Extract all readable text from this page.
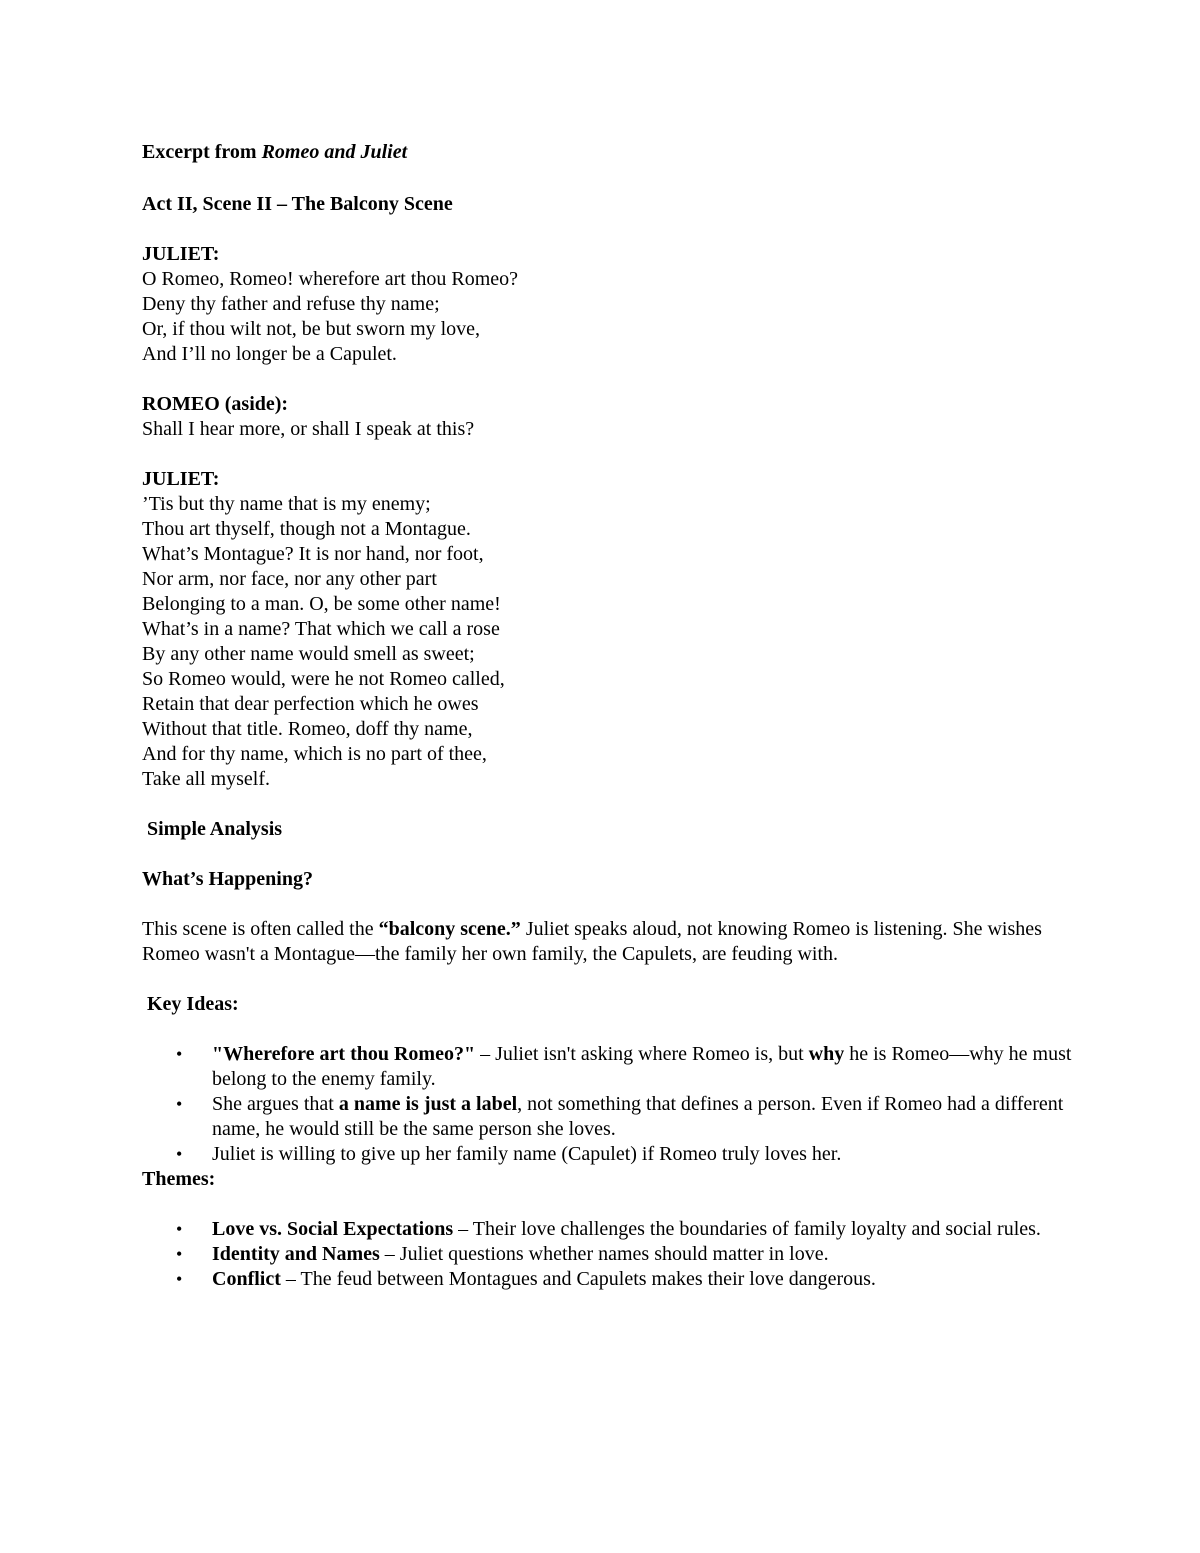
Excerpt from Romeo and Juliet
Act II, Scene II – The Balcony Scene
JULIET:
O Romeo, Romeo! wherefore art thou Romeo?
Deny thy father and refuse thy name;
Or, if thou wilt not, be but sworn my love,
And I’ll no longer be a Capulet.
ROMEO (aside):
Shall I hear more, or shall I speak at this?
JULIET:
’Tis but thy name that is my enemy;
Thou art thyself, though not a Montague.
What’s Montague? It is nor hand, nor foot,
Nor arm, nor face, nor any other part
Belonging to a man. O, be some other name!
What’s in a name? That which we call a rose
By any other name would smell as sweet;
So Romeo would, were he not Romeo called,
Retain that dear perfection which he owes
Without that title. Romeo, doff thy name,
And for thy name, which is no part of thee,
Take all myself.
Simple Analysis
What’s Happening?

This scene is often called the “balcony scene.” Juliet speaks aloud, not knowing Romeo is listening. She wishes Romeo wasn't a Montague—the family her own family, the Capulets, are feuding with.

Key Ideas:
• "Wherefore art thou Romeo?" – Juliet isn't asking where Romeo is, but why he is Romeo—why he must belong to the enemy family.
• She argues that a name is just a label, not something that defines a person. Even if Romeo had a different name, he would still be the same person she loves.
• Juliet is willing to give up her family name (Capulet) if Romeo truly loves her.
Themes:
• Love vs. Social Expectations – Their love challenges the boundaries of family loyalty and social rules.
• Identity and Names – Juliet questions whether names should matter in love.
• Conflict – The feud between Montagues and Capulets makes their love dangerous.
